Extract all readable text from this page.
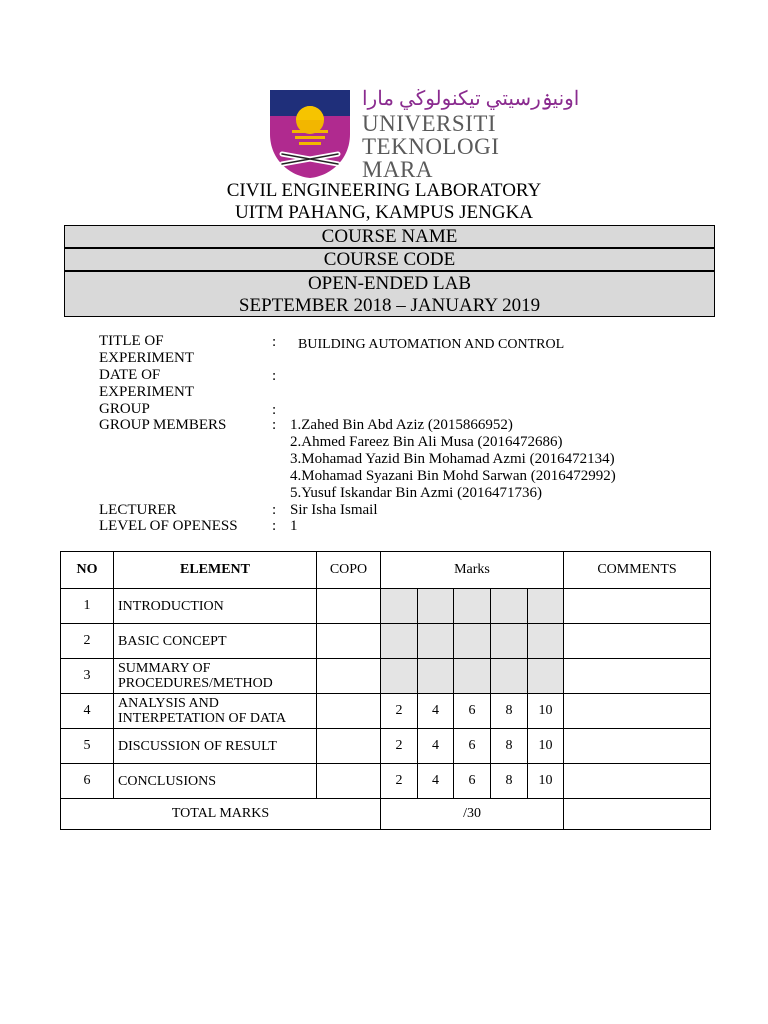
اونيۏرسيتي تيكنولوڬي مارا
UNIVERSITI
TEKNOLOGI
MARA
CIVIL ENGINEERING LABORATORY
UITM PAHANG, KAMPUS JENGKA
COURSE NAME
COURSE CODE
OPEN-ENDED LAB
SEPTEMBER 2018 – JANUARY 2019
TITLE OF
EXPERIMENT
: BUILDING AUTOMATION AND CONTROL
DATE OF
EXPERIMENT
:
GROUP	:
GROUP MEMBERS	: 1.Zahed Bin Abd Aziz (2015866952)
2.Ahmed Fareez Bin Ali Musa (2016472686)
3.Mohamad Yazid Bin Mohamad Azmi (2016472134)
4.Mohamad Syazani Bin Mohd Sarwan (2016472992)
5.Yusuf Iskandar Bin Azmi (2016471736)
LECTURER	: Sir Isha Ismail
LEVEL OF OPENESS : 1
NO	ELEMENT	COPO	Marks					COMMENTS
1	INTRODUCTION							
2	BASIC CONCEPT							
3	SUMMARY OF PROCEDURES/METHOD							
4	ANALYSIS AND INTERPETATION OF DATA		2	4	6	8	10	
5	DISCUSSION OF RESULT		2	4	6	8	10	
6	CONCLUSIONS		2	4	6	8	10	
TOTAL MARKS			/30					
